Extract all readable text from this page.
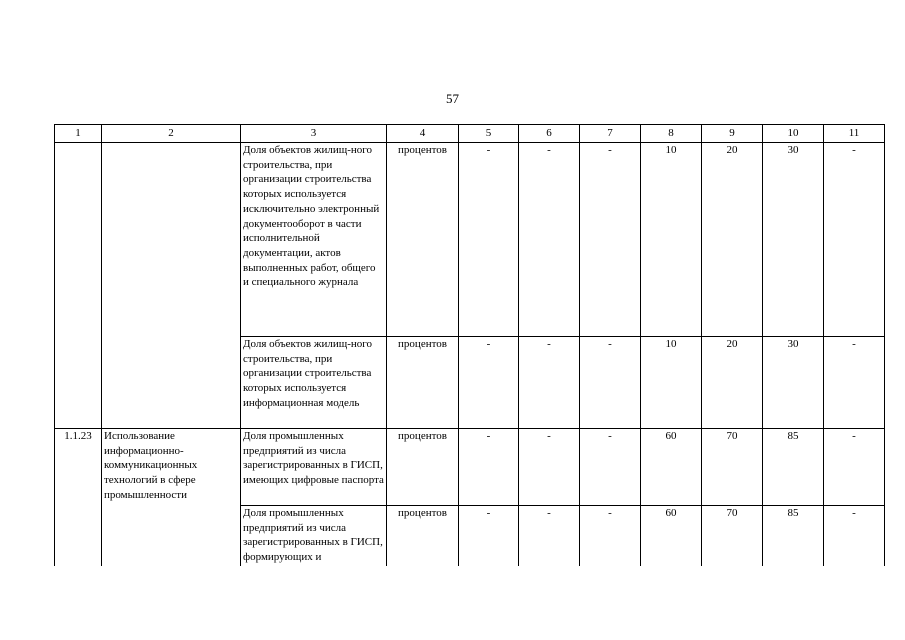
57
1	2	3	4	5	6	7	8	9	10	11
		Доля объектов жилищ-ного строительства, при организации строительства которых используется исключительно электронный документооборот в части исполнительной документации, актов выполненных работ, общего и специального журнала	процентов	-	-	-	10	20	30	-
		Доля объектов жилищ-ного строительства, при организации строительства которых используется информационная модель	процентов	-	-	-	10	20	30	-
1.1.23	Использование информационно-коммуникационных технологий в сфере промышленности	Доля промышленных предприятий из числа зарегистрированных в ГИСП, имеющих цифровые паспорта	процентов	-	-	-	60	70	85	-

		Доля промышленных предприятий из числа зарегистрированных в ГИСП, формирующих и	процентов	-	-	-	60	70	85	-
